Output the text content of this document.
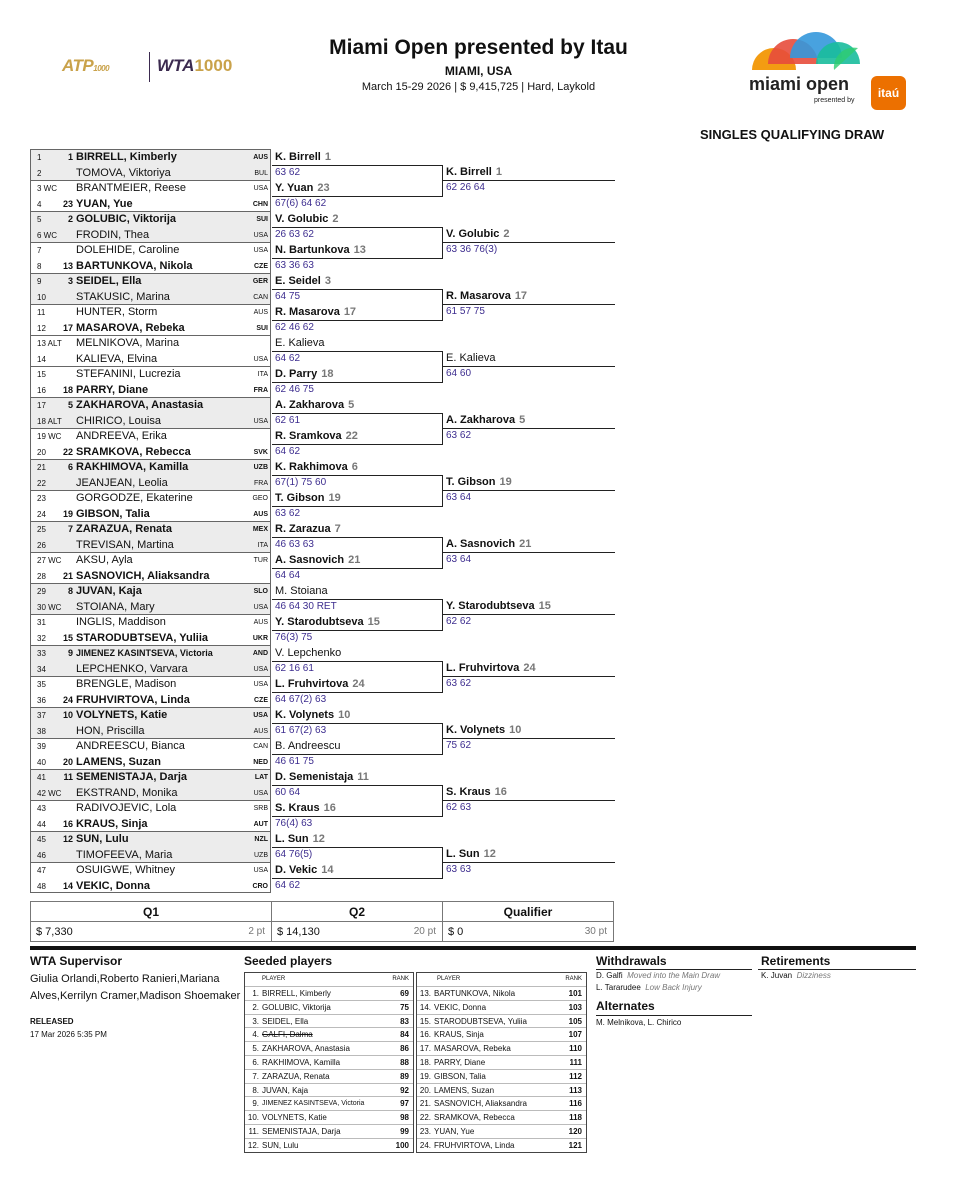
ATP1000	WTA1000
Miami Open presented by Itau
MIAMI, USA
March 15-29 2026 | $ 9,415,725 | Hard, Laykold	miami open
presented by
itaú
SINGLES QUALIFYING DRAW
1	1 BIRRELL, Kimberly	AUS
2	TOMOVA, Viktoriya	BUL
3 WC BRANTMEIER, Reese	USA
4	23 YUAN, Yue	CHN
5	2 GOLUBIC, Viktorija	SUI
6 WC FRODIN, Thea	USA
7	DOLEHIDE, Caroline	USA
8	13 BARTUNKOVA, Nikola	CZE
9	3 SEIDEL, Ella	GER
10	STAKUSIC, Marina	CAN
11	HUNTER, Storm	AUS
12	17 MASAROVA, Rebeka	SUI
13 ALT MELNIKOVA, Marina
14	KALIEVA, Elvina	USA
15	STEFANINI, Lucrezia	ITA
16	18 PARRY, Diane	FRA
17	5 ZAKHAROVA, Anastasia
18 ALT CHIRICO, Louisa	USA
19 WC ANDREEVA, Erika
20	22 SRAMKOVA, Rebecca	SVK
21	6 RAKHIMOVA, Kamilla	UZB
22	JEANJEAN, Leolia	FRA
23	GORGODZE, Ekaterine	GEO
24	19 GIBSON, Talia	AUS
25	7 ZARAZUA, Renata	MEX
26	TREVISAN, Martina	ITA
27 WC AKSU, Ayla	TUR
28	21 SASNOVICH, Aliaksandra
29	8 JUVAN, Kaja	SLO
30 WC STOIANA, Mary	USA
31	INGLIS, Maddison	AUS
32	15 STARODUBTSEVA, Yuliia	UKR
33	9 JIMENEZ KASINTSEVA, Victoria	AND
34	LEPCHENKO, Varvara	USA
35	BRENGLE, Madison	USA
36	24 FRUHVIRTOVA, Linda	CZE
37	10 VOLYNETS, Katie	USA
38	HON, Priscilla	AUS
39	ANDREESCU, Bianca	CAN
40	20 LAMENS, Suzan	NED
41	11 SEMENISTAJA, Darja	LAT
42 WC EKSTRAND, Monika	USA
43	RADIVOJEVIC, Lola	SRB
44	16 KRAUS, Sinja	AUT
45	12 SUN, Lulu	NZL
46	TIMOFEEVA, Maria	UZB
47	OSUIGWE, Whitney	USA
48	14 VEKIC, Donna	CRO
K. Birrell 1
63 62
Y. Yuan 23
67(6) 64 62
V. Golubic 2
26 63 62
N. Bartunkova 13
63 36 63
E. Seidel 3
64 75
R. Masarova 17
62 46 62
E. Kalieva
64 62
D. Parry 18
62 46 75
A. Zakharova 5
62 61
R. Sramkova 22
64 62
K. Rakhimova 6
67(1) 75 60
T. Gibson 19
63 62
R. Zarazua 7
46 63 63
A. Sasnovich 21
64 64
M. Stoiana
46 64 30 RET
Y. Starodubtseva 15
76(3) 75
V. Lepchenko
62 16 61
L. Fruhvirtova 24
64 67(2) 63
K. Volynets 10
61 67(2) 63
B. Andreescu
46 61 75
D. Semenistaja 11
60 64
S. Kraus 16
76(4) 63
L. Sun 12
64 76(5)
D. Vekic 14
64 62
K. Birrell 1
62 26 64
V. Golubic 2
63 36 76(3)
R. Masarova 17
61 57 75
E. Kalieva
64 60
A. Zakharova 5
63 62
T. Gibson 19
63 64
A. Sasnovich 21
63 64
Y. Starodubtseva 15
62 62
L. Fruhvirtova 24
63 62
K. Volynets 10
75 62
S. Kraus 16
62 63
L. Sun 12
63 63
Q1	Q2	Qualifier
$ 7,330	2 pt $ 14,130	20 pt $ 0	30 pt
WTA Supervisor
Giulia Orlandi,Roberto Ranieri,Mariana
Alves,Kerrilyn Cramer,Madison Shoemaker
RELEASED
17 Mar 2026 5:35 PM
Seeded players
PLAYER	RANK
1. BIRRELL, Kimberly	69
2. GOLUBIC, Viktorija	75
3. SEIDEL, Ella	83
4. GALFI, Dalma	84
5. ZAKHAROVA, Anastasia	86
6. RAKHIMOVA, Kamilla	88
7. ZARAZUA, Renata	89
8. JUVAN, Kaja	92
9. JIMENEZ KASINTSEVA, Victoria	97
10. VOLYNETS, Katie	98
11. SEMENISTAJA, Darja	99
12. SUN, Lulu	100
PLAYER	RANK
13. BARTUNKOVA, Nikola	101
14. VEKIC, Donna	103
15. STARODUBTSEVA, Yuliia	105
16. KRAUS, Sinja	107
17. MASAROVA, Rebeka	110
18. PARRY, Diane	111
19. GIBSON, Talia	112
20. LAMENS, Suzan	113
21. SASNOVICH, Aliaksandra	116
22. SRAMKOVA, Rebecca	118
23. YUAN, Yue	120
24. FRUHVIRTOVA, Linda	121
Withdrawals
D. Galfi Moved into the Main Draw
L. Tararudee Low Back Injury
Alternates
M. Melnikova, L. Chirico
Retirements
K. Juvan Dizziness
